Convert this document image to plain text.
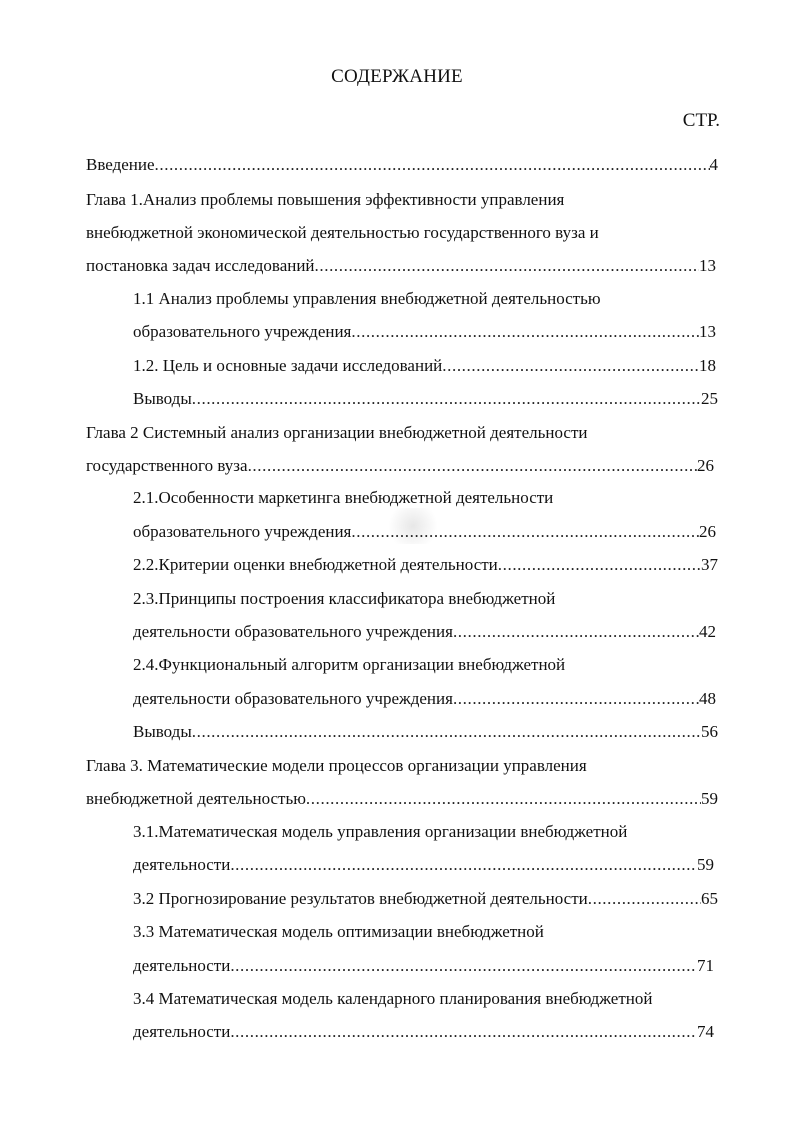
СОДЕРЖАНИЕ
СТР.
Введение .....	4
Глава 1.Анализ проблемы повышения эффективности управления
внебюджетной экономической деятельностью государственного вуза и
постановка задач исследований .....	13
1.1 Анализ проблемы управления внебюджетной деятельностью
образовательного учреждения .....	13
1.2. Цель и основные задачи исследований .....	18
Выводы .....	25
Глава 2 Системный анализ организации внебюджетной деятельности
государственного вуза .....	26
2.1.Особенности маркетинга внебюджетной деятельности
образовательного учреждения .....	26
2.2.Критерии оценки внебюджетной деятельности .....	37
2.3.Принципы построения классификатора внебюджетной
деятельности образовательного учреждения .....	42
2.4.Функциональный алгоритм организации внебюджетной
деятельности образовательного учреждения .....	48
Выводы .....	56
Глава 3. Математические модели процессов организации управления
внебюджетной деятельностью .....	59
3.1.Математическая модель управления организации внебюджетной
деятельности .....	59
3.2 Прогнозирование результатов внебюджетной деятельности .....	65
3.3 Математическая модель оптимизации внебюджетной
деятельности .....	71
3.4 Математическая модель календарного планирования внебюджетной
деятельности .....	74
